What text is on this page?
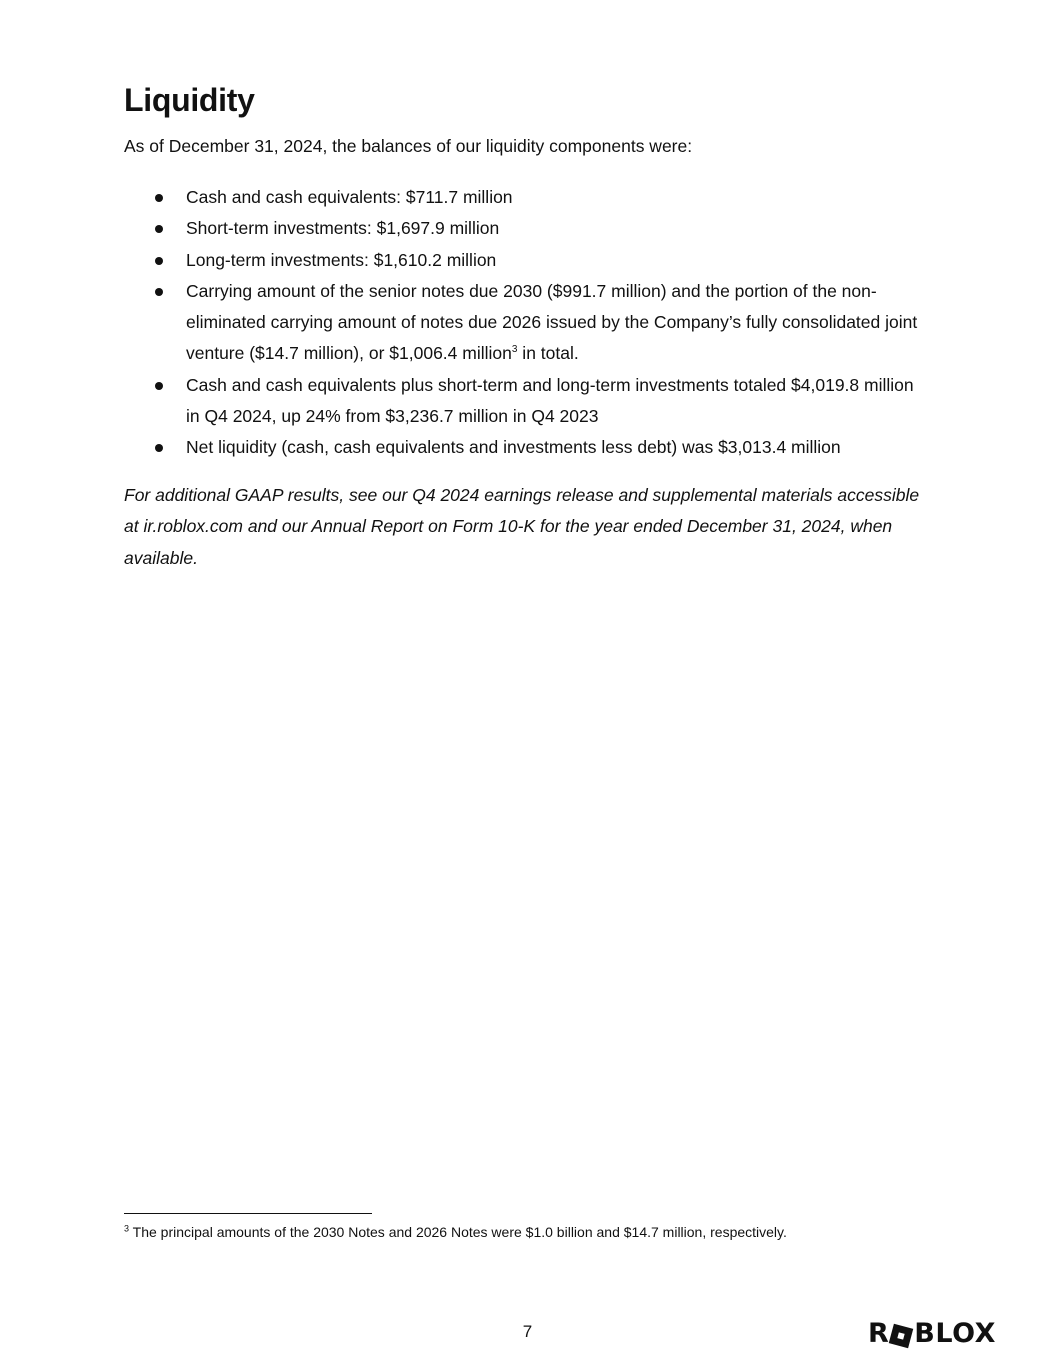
Liquidity

As of December 31, 2024, the balances of our liquidity components were:

Cash and cash equivalents: $711.7 million
Short-term investments: $1,697.9 million
Long-term investments: $1,610.2 million
Carrying amount of the senior notes due 2030 ($991.7 million) and the portion of the non-eliminated carrying amount of notes due 2026 issued by the Company’s fully consolidated joint venture ($14.7 million), or $1,006.4 million$^3$ in total.
Cash and cash equivalents plus short-term and long-term investments totaled $4,019.8 million in Q4 2024, up 24% from $3,236.7 million in Q4 2023
Net liquidity (cash, cash equivalents and investments less debt) was $3,013.4 million

For additional GAAP results, see our Q4 2024 earnings release and supplemental materials accessible at ir.roblox.com and our Annual Report on Form 10-K for the year ended December 31, 2024, when available.

$^3$ The principal amounts of the 2030 Notes and 2026 Notes were $1.0 billion and $14.7 million, respectively.

7	R BLOX
